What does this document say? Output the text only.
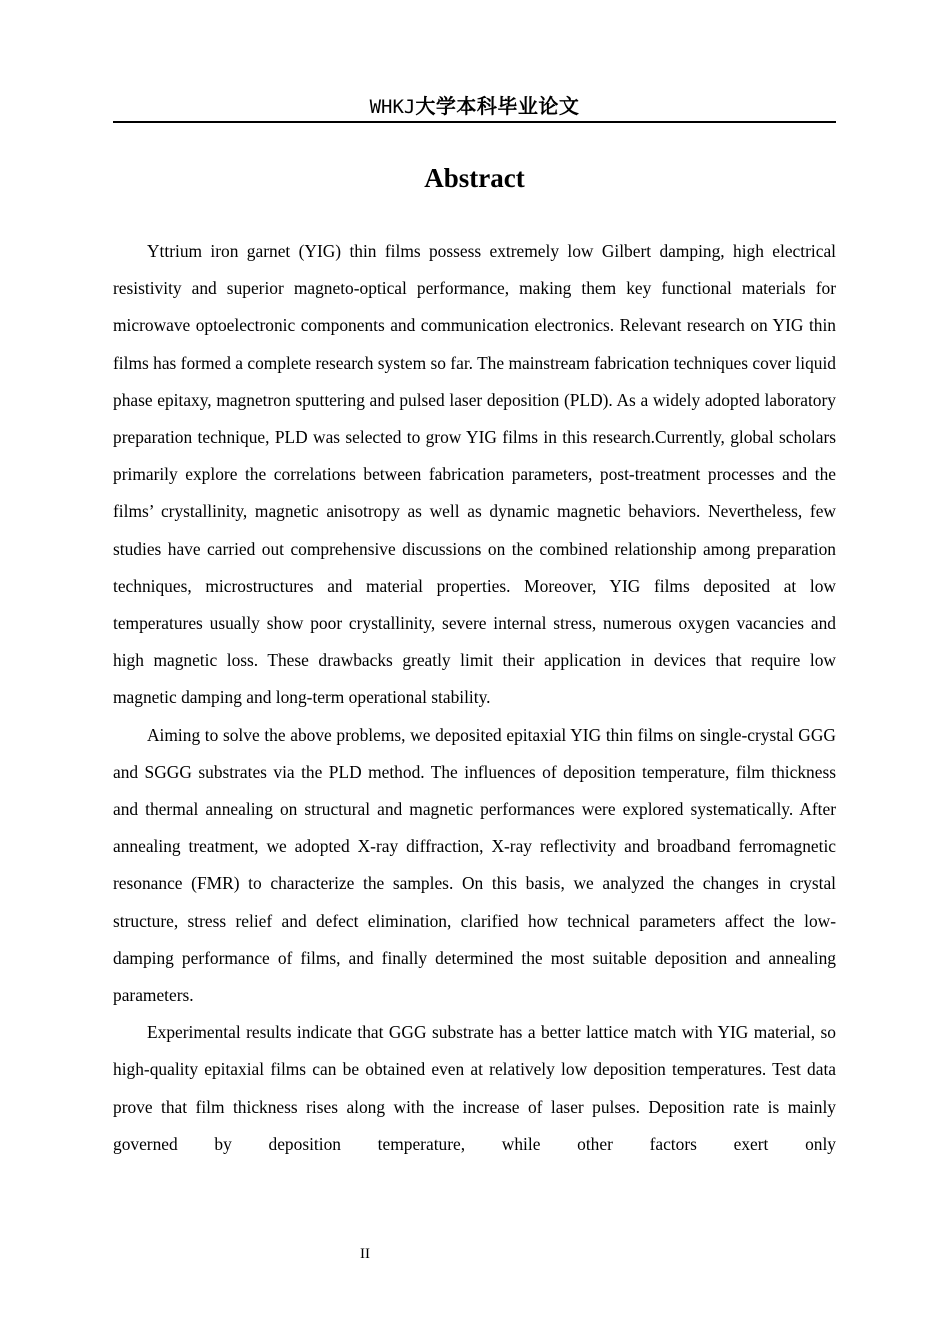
WHKJ大学本科毕业论文
Abstract

Yttrium iron garnet (YIG) thin films possess extremely low Gilbert damping, high electrical resistivity and superior magneto-optical performance, making them key functional materials for microwave optoelectronic components and communication electronics. Relevant research on YIG thin films has formed a complete research system so far. The mainstream fabrication techniques cover liquid phase epitaxy, magnetron sputtering and pulsed laser deposition (PLD). As a widely adopted laboratory preparation technique, PLD was selected to grow YIG films in this research.Currently, global scholars primarily explore the correlations between fabrication parameters, post-treatment processes and the films’ crystallinity, magnetic anisotropy as well as dynamic magnetic behaviors. Nevertheless, few studies have carried out comprehensive discussions on the combined relationship among preparation techniques, microstructures and material properties. Moreover, YIG films deposited at low temperatures usually show poor crystallinity, severe internal stress, numerous oxygen vacancies and high magnetic loss. These drawbacks greatly limit their application in devices that require low magnetic damping and long-term operational stability.

Aiming to solve the above problems, we deposited epitaxial YIG thin films on single-crystal GGG and SGGG substrates via the PLD method. The influences of deposition temperature, film thickness and thermal annealing on structural and magnetic performances were explored systematically. After annealing treatment, we adopted X-ray diffraction, X-ray reflectivity and broadband ferromagnetic resonance (FMR) to characterize the samples. On this basis, we analyzed the changes in crystal structure, stress relief and defect elimination, clarified how technical parameters affect the low-damping performance of films, and finally determined the most suitable deposition and annealing parameters.

Experimental results indicate that GGG substrate has a better lattice match with YIG material, so high-quality epitaxial films can be obtained even at relatively low deposition temperatures. Test data prove that film thickness rises along with the increase of laser pulses. Deposition rate is mainly governed by deposition temperature, while other factors exert only

II
